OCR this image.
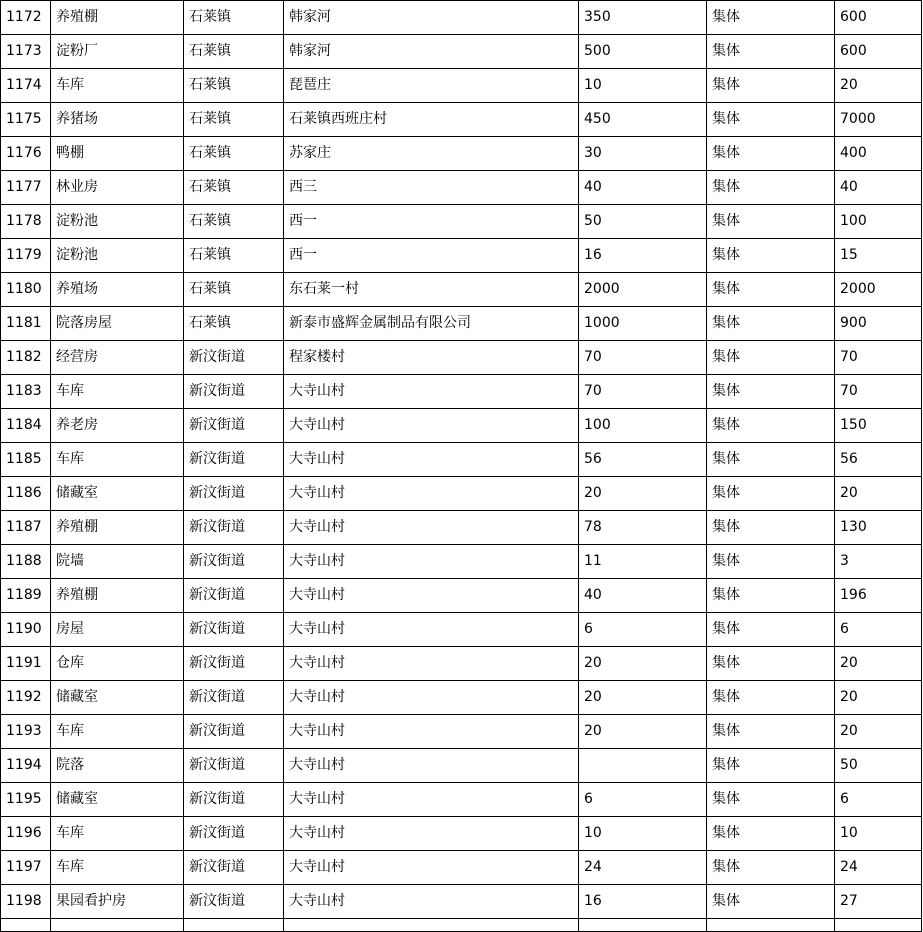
1172	养殖棚	石莱镇	韩家河	350	集体	600
1173	淀粉厂	石莱镇	韩家河	500	集体	600
1174	车库	石莱镇	琵琶庄	10	集体	20
1175	养猪场	石莱镇	石莱镇西班庄村	450	集体	7000
1176	鸭棚	石莱镇	苏家庄	30	集体	400
1177	林业房	石莱镇	西三	40	集体	40
1178	淀粉池	石莱镇	西一	50	集体	100
1179	淀粉池	石莱镇	西一	16	集体	15
1180	养殖场	石莱镇	东石莱一村	2000	集体	2000
1181	院落房屋	石莱镇	新泰市盛辉金属制品有限公司	1000	集体	900
1182	经营房	新汶街道	程家楼村	70	集体	70
1183	车库	新汶街道	大寺山村	70	集体	70
1184	养老房	新汶街道	大寺山村	100	集体	150
1185	车库	新汶街道	大寺山村	56	集体	56
1186	储藏室	新汶街道	大寺山村	20	集体	20
1187	养殖棚	新汶街道	大寺山村	78	集体	130
1188	院墙	新汶街道	大寺山村	11	集体	3
1189	养殖棚	新汶街道	大寺山村	40	集体	196
1190	房屋	新汶街道	大寺山村	6	集体	6
1191	仓库	新汶街道	大寺山村	20	集体	20
1192	储藏室	新汶街道	大寺山村	20	集体	20
1193	车库	新汶街道	大寺山村	20	集体	20
1194	院落	新汶街道	大寺山村		集体	50
1195	储藏室	新汶街道	大寺山村	6	集体	6
1196	车库	新汶街道	大寺山村	10	集体	10
1197	车库	新汶街道	大寺山村	24	集体	24
1198	果园看护房	新汶街道	大寺山村	16	集体	27
